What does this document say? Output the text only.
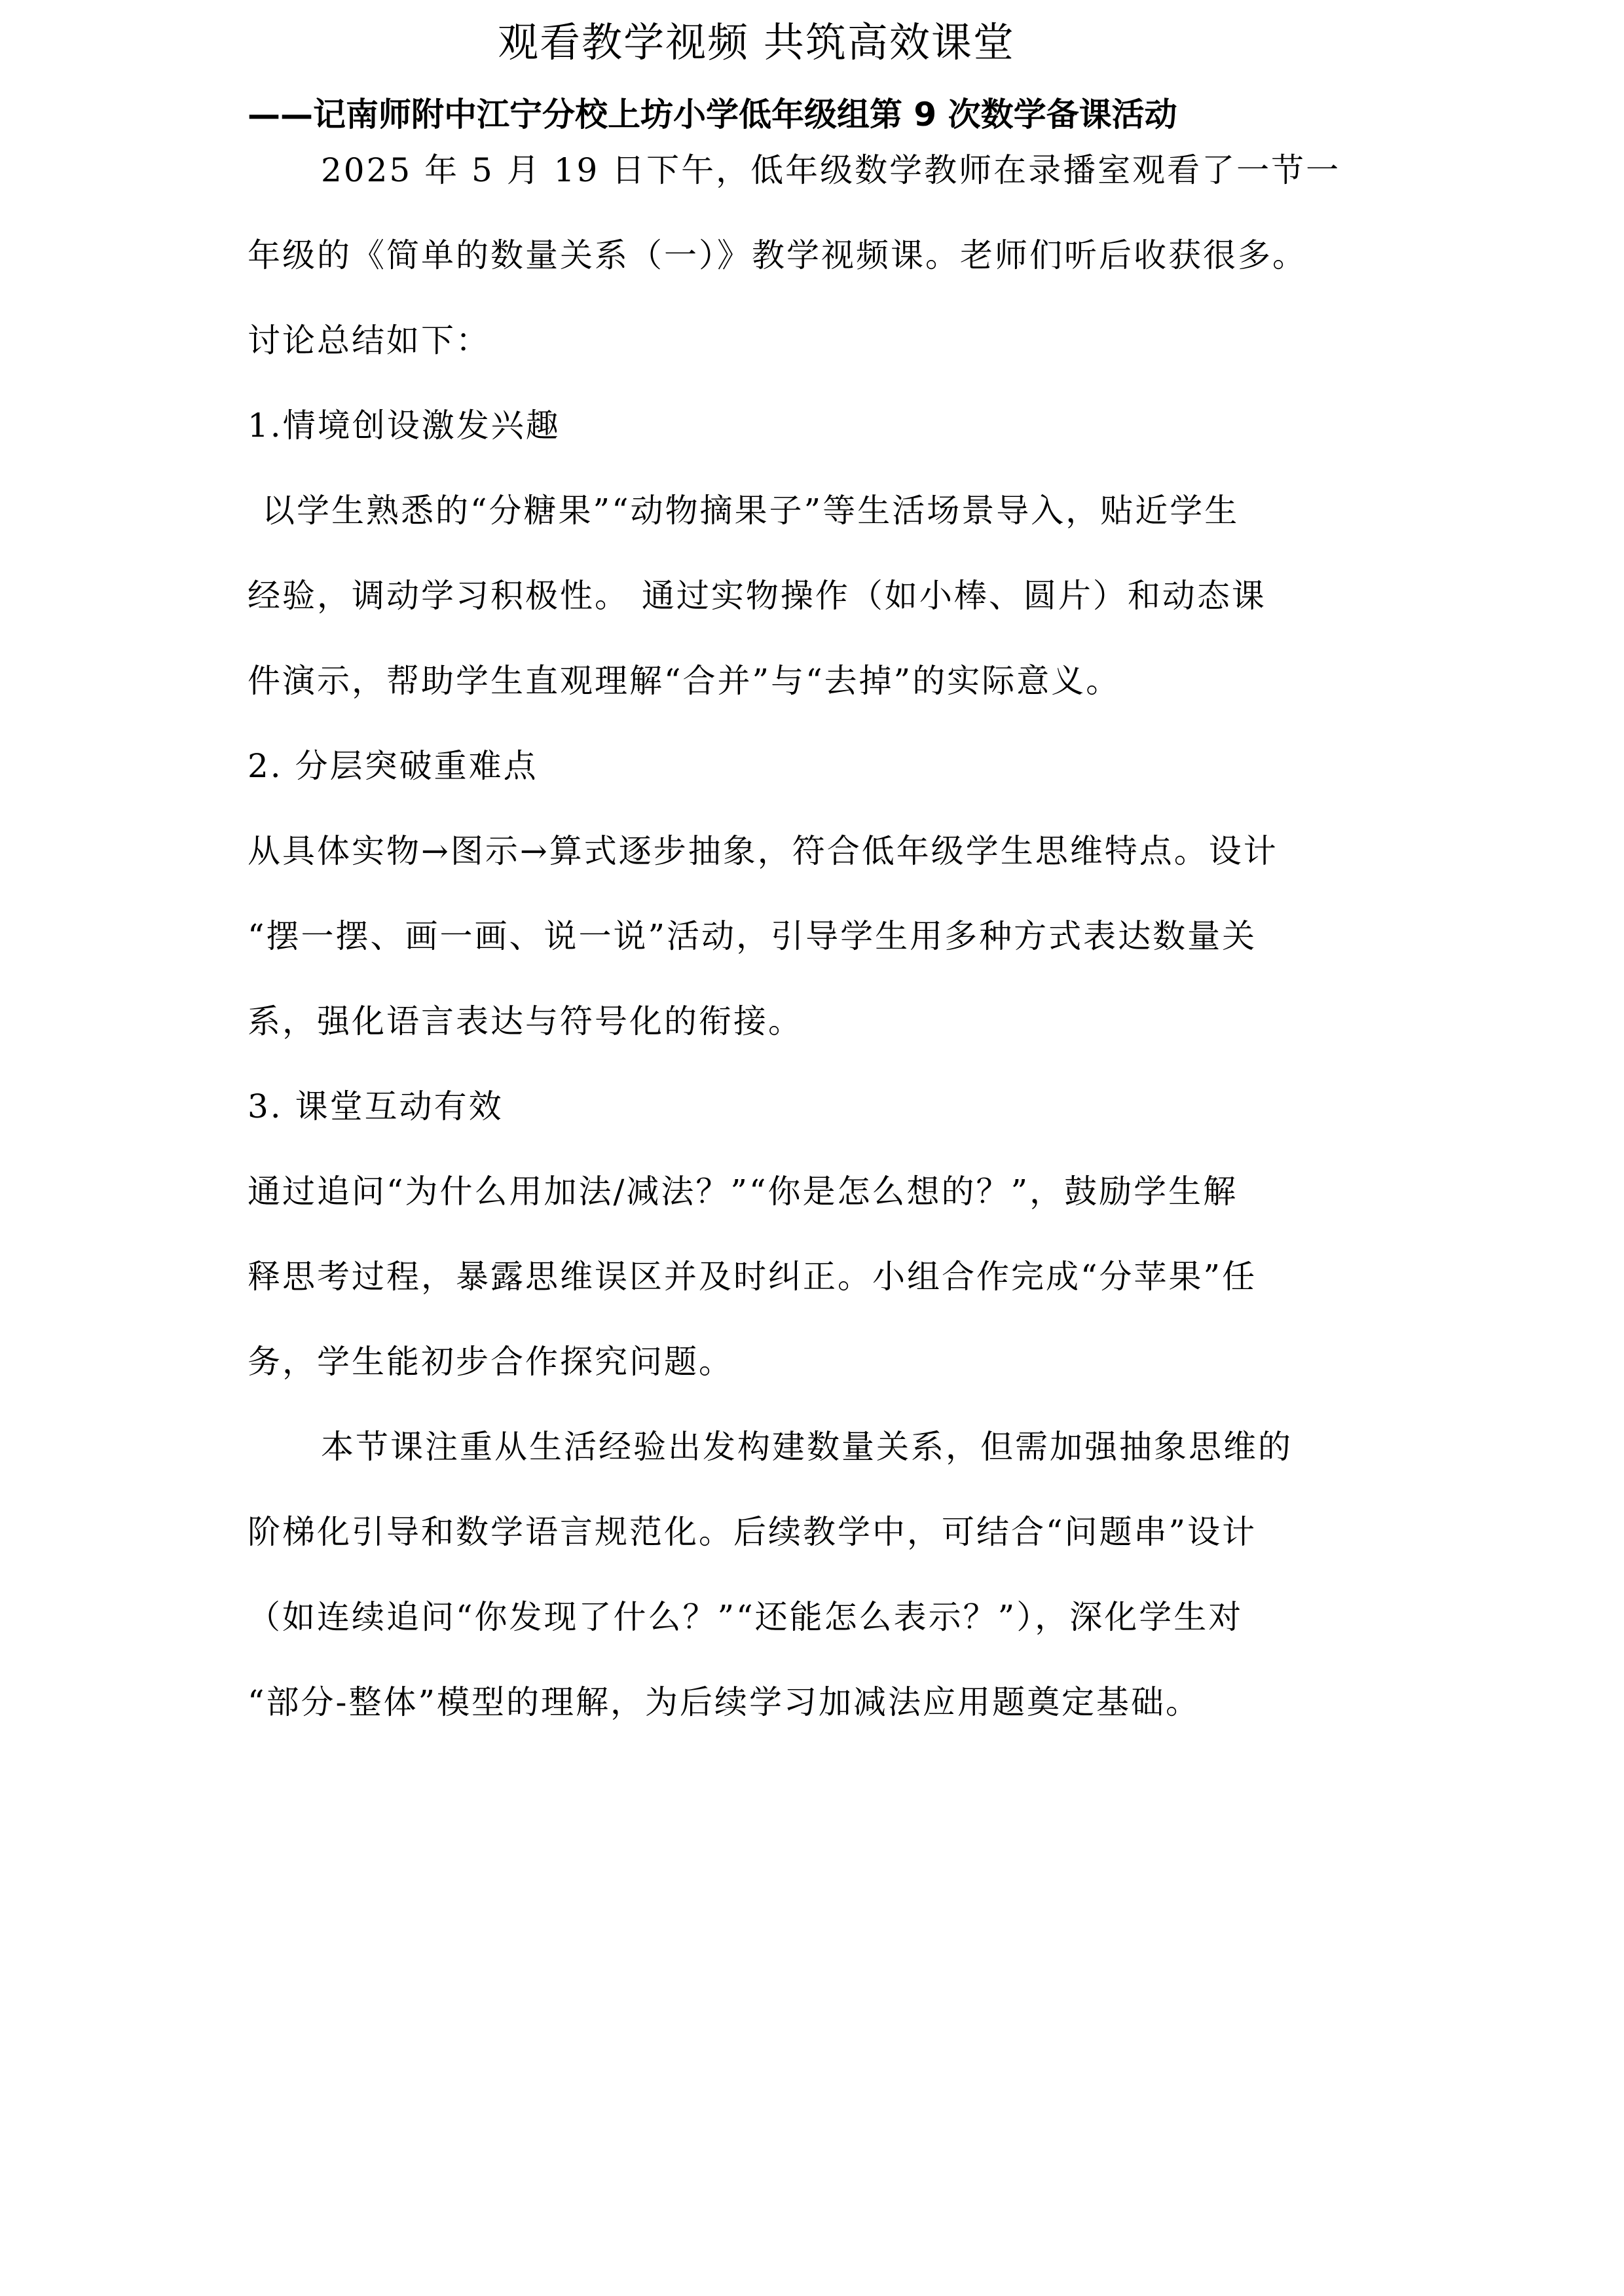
观看教学视频 共筑高效课堂
——记南师附中江宁分校上坊小学低年级组第 9 次数学备课活动
2025 年 5 月 19 日下午，低年级数学教师在录播室观看了一节一
年级的《简单的数量关系（一）》教学视频课。老师们听后收获很多。
讨论总结如下：
1.情境创设激发兴趣
以学生熟悉的“分糖果”“动物摘果子”等生活场景导入，贴近学生
经验，调动学习积极性。 通过实物操作（如小棒、圆片）和动态课
件演示，帮助学生直观理解“合并”与“去掉”的实际意义。
2. 分层突破重难点
从具体实物→图示→算式逐步抽象，符合低年级学生思维特点。设计
“摆一摆、画一画、说一说”活动，引导学生用多种方式表达数量关
系，强化语言表达与符号化的衔接。
3. 课堂互动有效
通过追问“为什么用加法/减法？”“你是怎么想的？”，鼓励学生解
释思考过程，暴露思维误区并及时纠正。小组合作完成“分苹果”任
务，学生能初步合作探究问题。
本节课注重从生活经验出发构建数量关系，但需加强抽象思维的
阶梯化引导和数学语言规范化。后续教学中，可结合“问题串”设计
（如连续追问“你发现了什么？”“还能怎么表示？”），深化学生对
“部分-整体”模型的理解，为后续学习加减法应用题奠定基础。
